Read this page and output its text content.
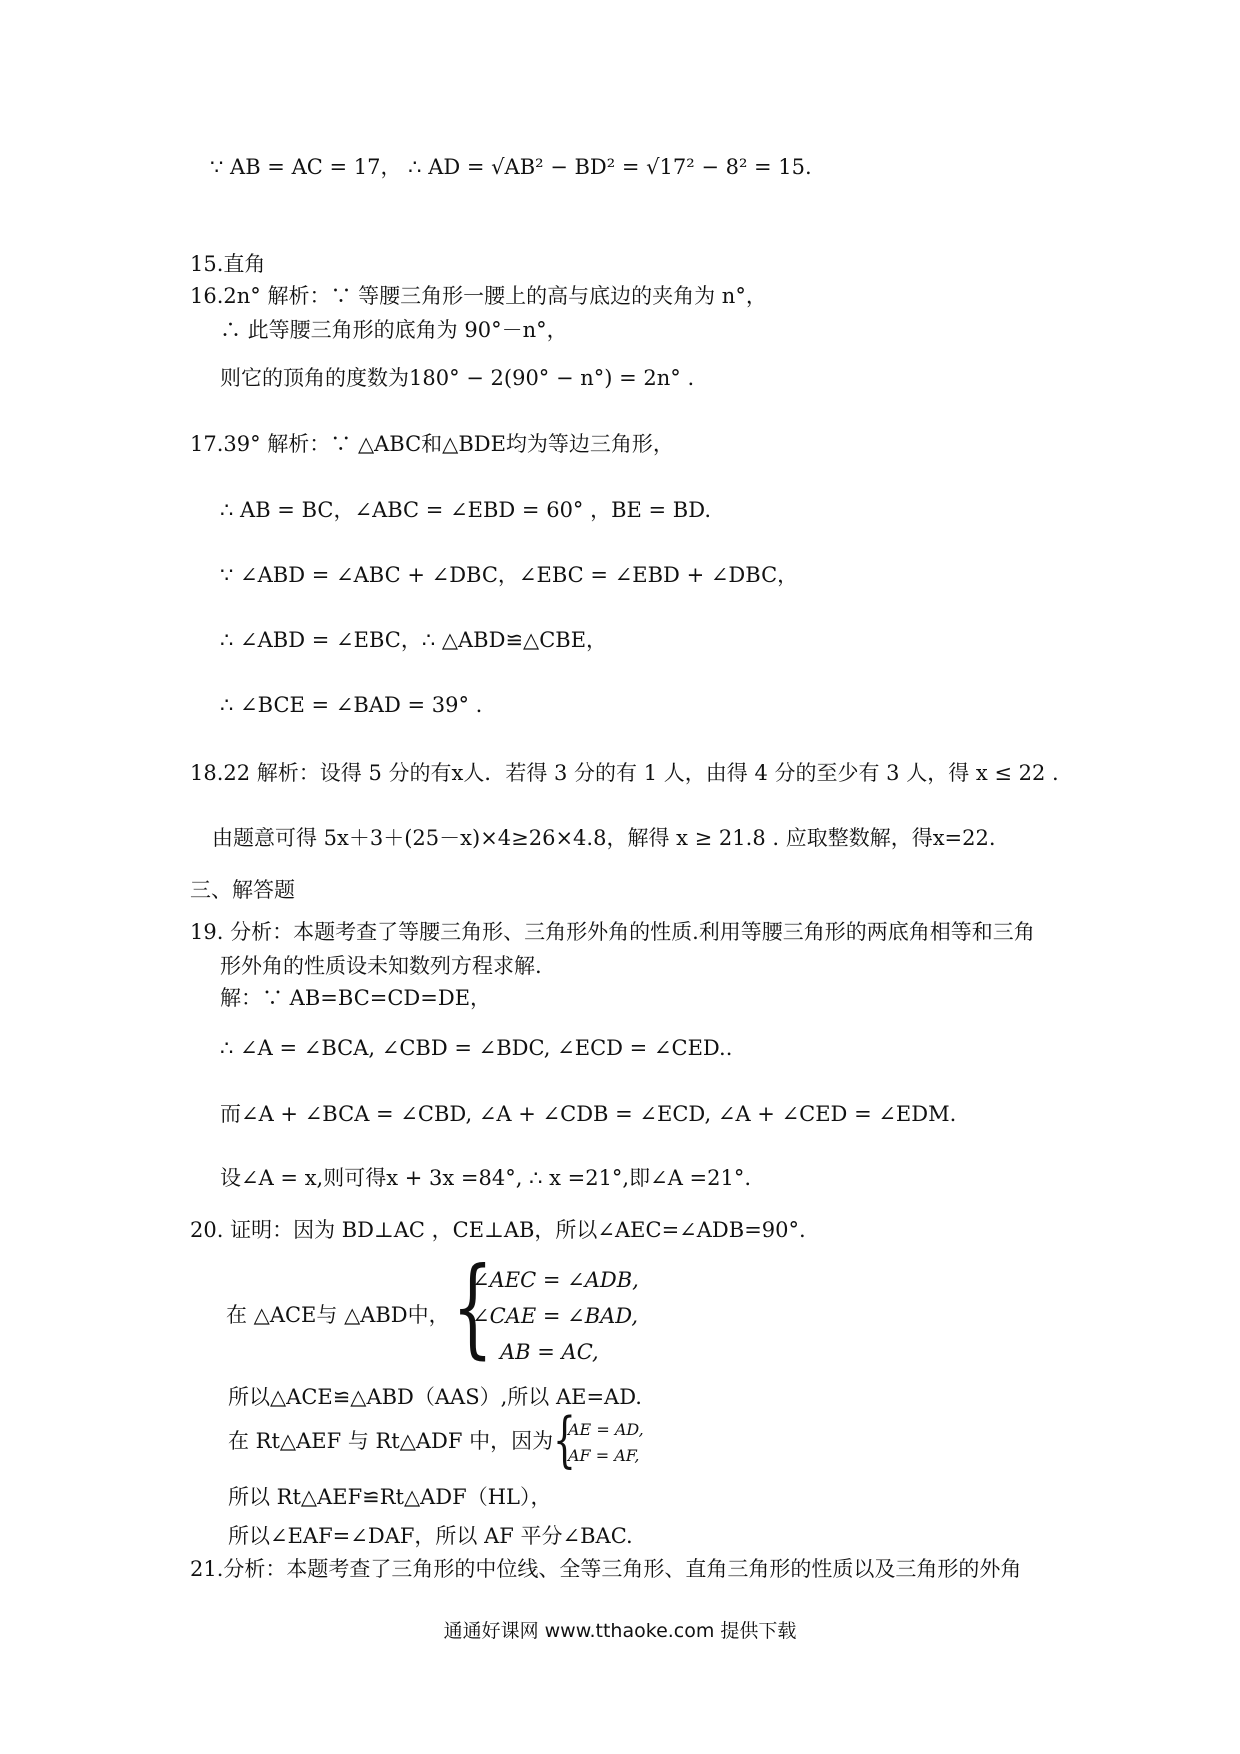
∵ AB = AC = 17， ∴ AD = √AB² − BD² = √17² − 8² = 15.
15.直角
16.2n° 解析：∵ 等腰三角形一腰上的高与底边的夹角为 n°，
∴ 此等腰三角形的底角为 90°－n°，
则它的顶角的度数为180° − 2(90° − n°) = 2n° .
17.39° 解析：∵ △ABC和△BDE均为等边三角形，
∴ AB = BC，∠ABC = ∠EBD = 60° ，BE = BD.
∵ ∠ABD = ∠ABC + ∠DBC，∠EBC = ∠EBD + ∠DBC，
∴ ∠ABD = ∠EBC，∴ △ABD≌△CBE，
∴ ∠BCE = ∠BAD = 39° .
18.22 解析：设得 5 分的有x人．若得 3 分的有 1 人，由得 4 分的至少有 3 人，得 x ≤ 22 .
由题意可得 5x＋3＋(25－x)×4≥26×4.8，解得 x ≥ 21.8 . 应取整数解，得x=22.
三、解答题
19. 分析：本题考查了等腰三角形、三角形外角的性质.利用等腰三角形的两底角相等和三角
形外角的性质设未知数列方程求解.
解：∵ AB=BC=CD=DE，
∴ ∠A = ∠BCA, ∠CBD = ∠BDC, ∠ECD = ∠CED..
而∠A + ∠BCA = ∠CBD, ∠A + ∠CDB = ∠ECD, ∠A + ∠CED = ∠EDM.
设∠A = x,则可得x + 3x =84°, ∴ x =21°,即∠A =21°.
20. 证明：因为 BD⊥AC ，CE⊥AB，所以∠AEC=∠ADB=90°.
在 △ACE与 △ABD中， {
∠AEC = ∠ADB,
∠CAE = ∠BAD,
AB = AC,
所以△ACE≌△ABD（AAS）,所以 AE=AD.
在 Rt△AEF 与 Rt△ADF 中，因为 {
AE = AD,
AF = AF,
所以 Rt△AEF≌Rt△ADF（HL），
所以∠EAF=∠DAF，所以 AF 平分∠BAC.
21.分析：本题考查了三角形的中位线、全等三角形、直角三角形的性质以及三角形的外角
通通好课网 www.tthaoke.com 提供下载
